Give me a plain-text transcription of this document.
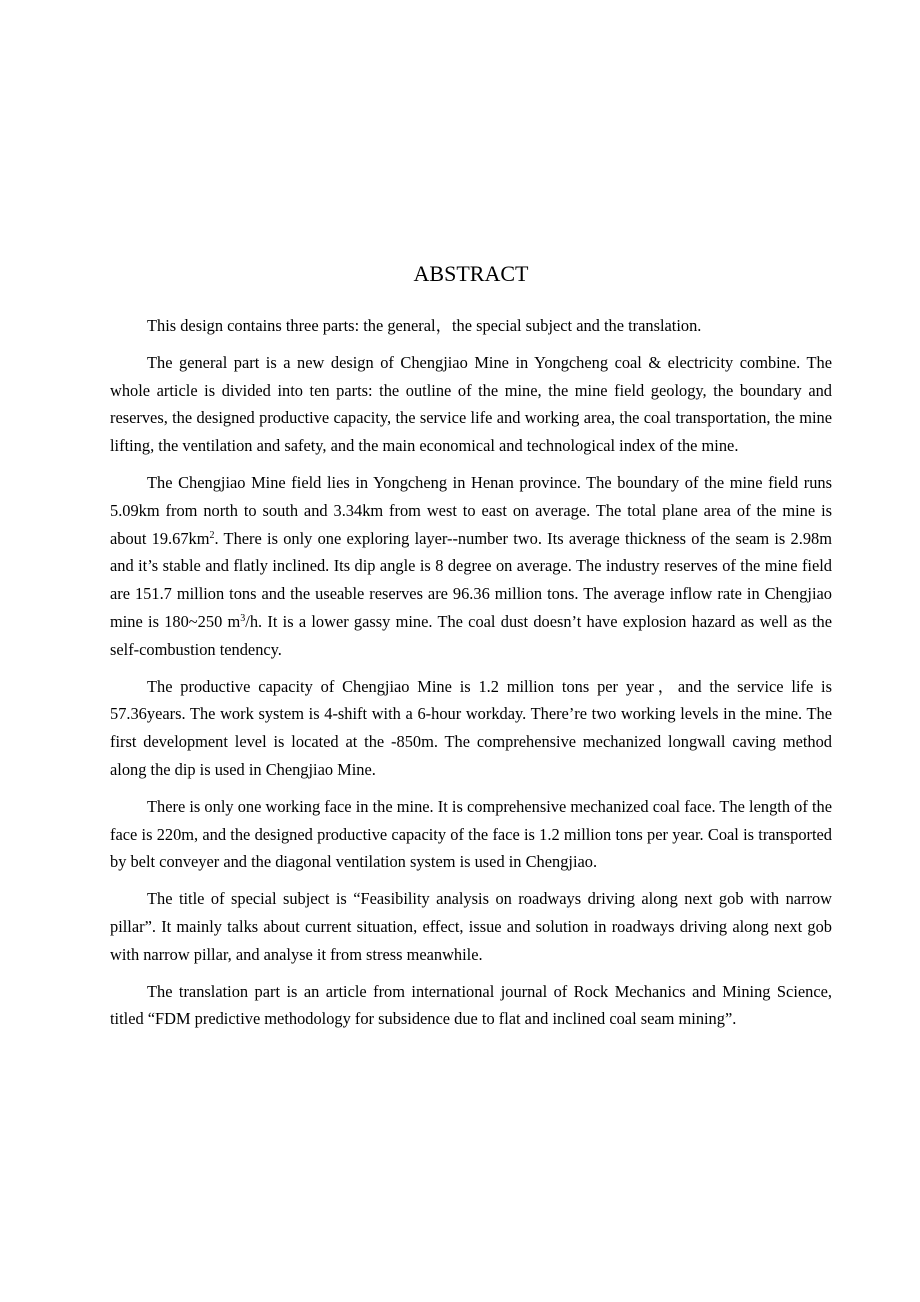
ABSTRACT

This design contains three parts: the general，the special subject and the translation.

The general part is a new design of Chengjiao Mine in Yongcheng coal & electricity combine. The whole article is divided into ten parts: the outline of the mine, the mine field geology, the boundary and reserves, the designed productive capacity, the service life and working area, the coal transportation, the mine lifting, the ventilation and safety, and the main economical and technological index of the mine.

The Chengjiao Mine field lies in Yongcheng in Henan province. The boundary of the mine field runs 5.09km from north to south and 3.34km from west to east on average. The total plane area of the mine is about $19.67km^2$. There is only one exploring layer--number two. Its average thickness of the seam is 2.98m and it’s stable and flatly inclined. Its dip angle is 8 degree on average. The industry reserves of the mine field are 151.7 million tons and the useable reserves are 96.36 million tons. The average inflow rate in Chengjiao mine is 180~250 $m^3/h$. It is a lower gassy mine. The coal dust doesn’t have explosion hazard as well as the self-combustion tendency.

The productive capacity of Chengjiao Mine is 1.2 million tons per year，and the service life is 57.36years. The work system is 4-shift with a 6-hour workday. There’re two working levels in the mine. The first development level is located at the -850m. The comprehensive mechanized longwall caving method along the dip is used in Chengjiao Mine.

There is only one working face in the mine. It is comprehensive mechanized coal face. The length of the face is 220m, and the designed productive capacity of the face is 1.2 million tons per year. Coal is transported by belt conveyer and the diagonal ventilation system is used in Chengjiao.

The title of special subject is “Feasibility analysis on roadways driving along next gob with narrow pillar”. It mainly talks about current situation, effect, issue and solution in roadways driving along next gob with narrow pillar, and analyse it from stress meanwhile.

The translation part is an article from international journal of Rock Mechanics and Mining Science, titled “FDM predictive methodology for subsidence due to flat and inclined coal seam mining”.
